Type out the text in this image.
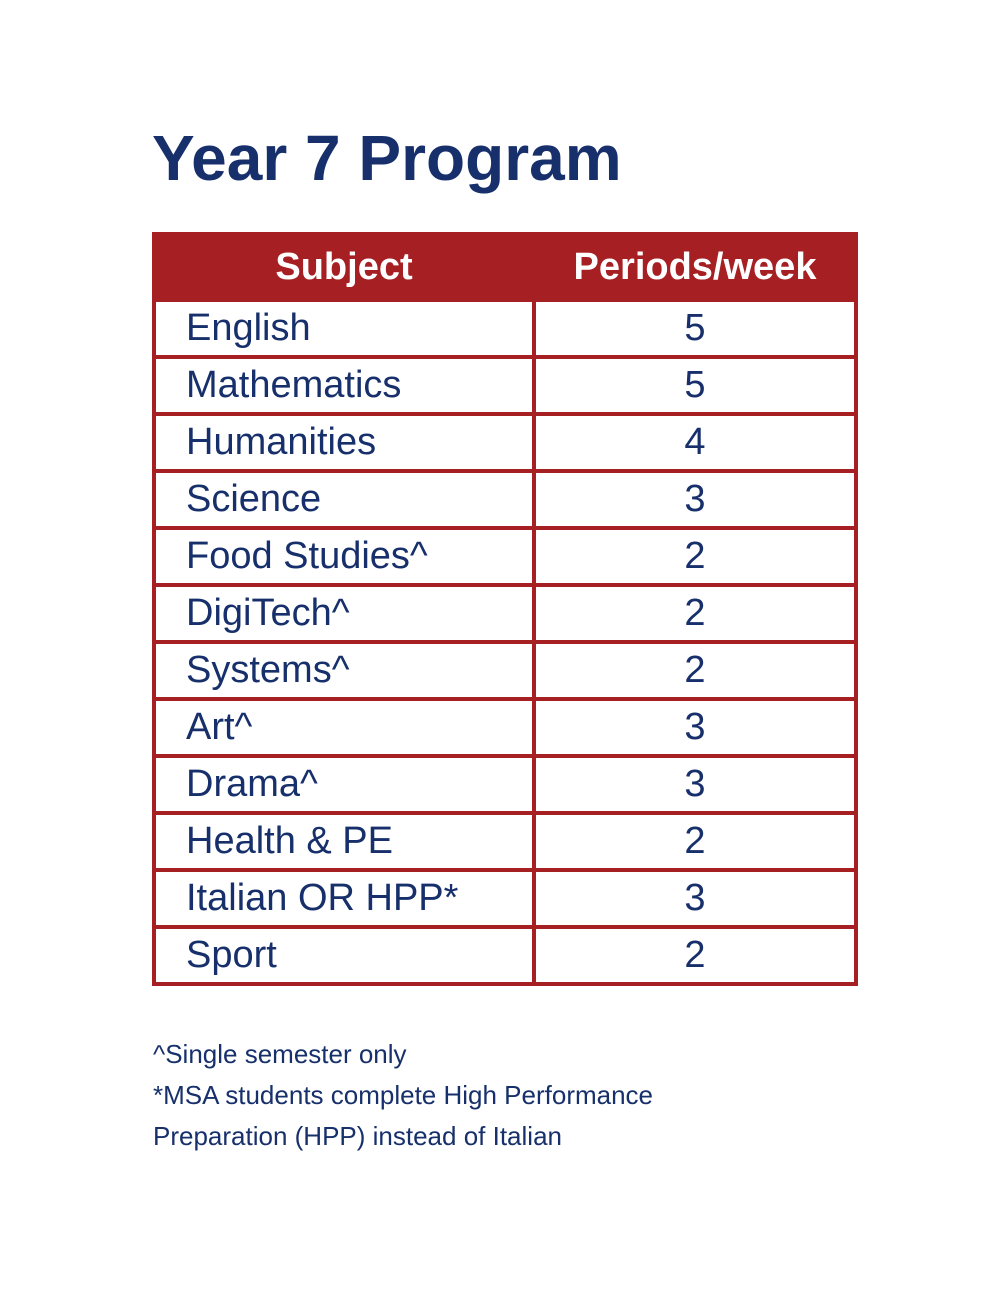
Year 7 Program
Subject	Periods/week
English	5
Mathematics	5
Humanities	4
Science	3
Food Studies^	2
DigiTech^	2
Systems^	2
Art^	3
Drama^	3
Health & PE	2
Italian OR HPP*	3
Sport	2

^Single semester only

*MSA students complete High Performance

Preparation (HPP) instead of Italian
